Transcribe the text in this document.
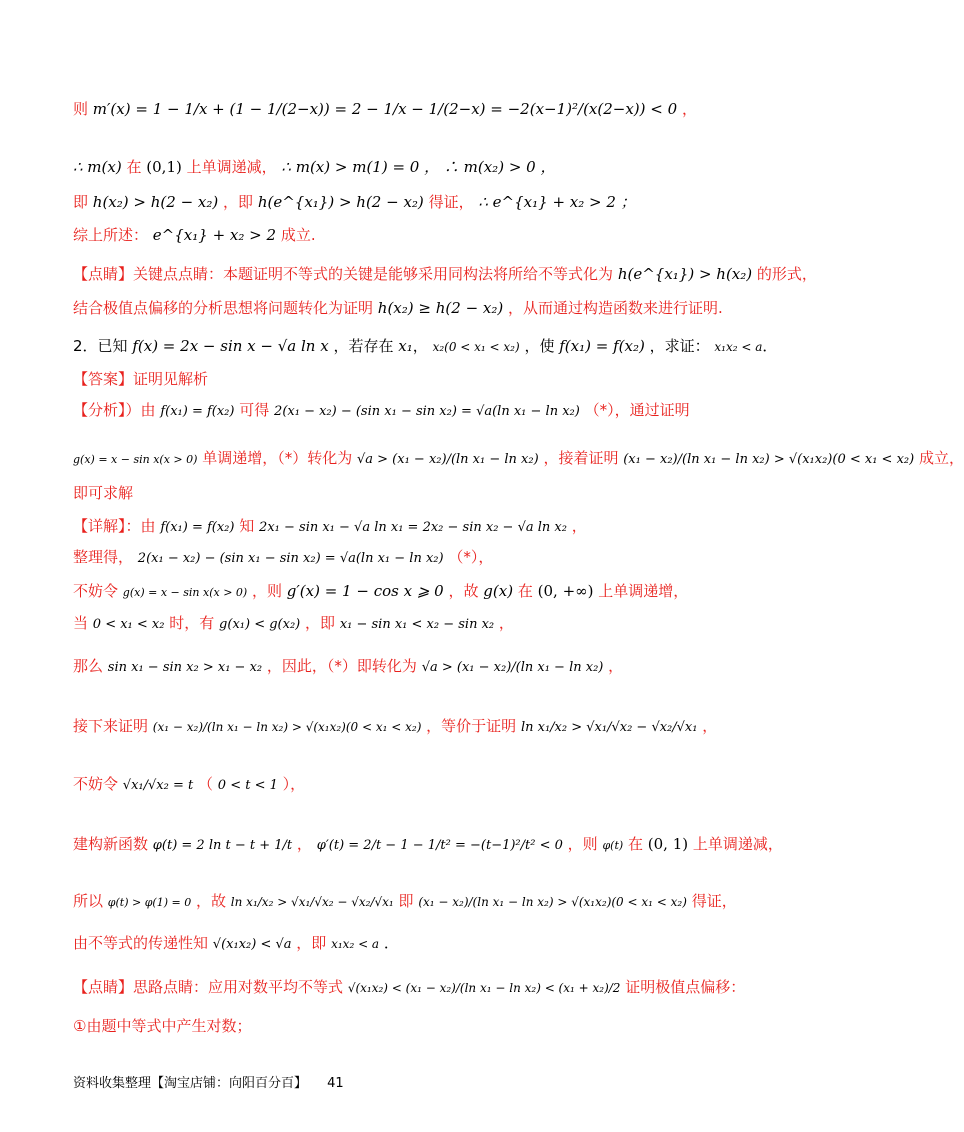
则 m′(x) = 1 − 1/x + (1 − 1/(2−x)) = 2 − 1/x − 1/(2−x) = −2(x−1)²/(x(2−x)) < 0 ，
∴ m(x) 在 (0,1) 上单调递减， ∴ m(x) > m(1) = 0 ， ∴ m(x₂) > 0 ，
即 h(x₂) > h(2 − x₂) ，即 h(e^{x₁}) > h(2 − x₂) 得证， ∴ e^{x₁} + x₂ > 2 ；
综上所述： e^{x₁} + x₂ > 2 成立.
【点睛】关键点点睛：本题证明不等式的关键是能够采用同构法将所给不等式化为 h(e^{x₁}) > h(x₂) 的形式，
结合极值点偏移的分析思想将问题转化为证明 h(x₂) ≥ h(2 − x₂) ，从而通过构造函数来进行证明.
2．已知 f(x) = 2x − sin x − √a ln x ，若存在 x₁， x₂(0 < x₁ < x₂) ，使 f(x₁) = f(x₂) ，求证： x₁x₂ < a．
【答案】证明见解析
【分析】）由 f(x₁) = f(x₂) 可得 2(x₁ − x₂) − (sin x₁ − sin x₂) = √a(ln x₁ − ln x₂) （*），通过证明
g(x) = x − sin x(x > 0) 单调递增，（*）转化为 √a > (x₁ − x₂)/(ln x₁ − ln x₂) ，接着证明 (x₁ − x₂)/(ln x₁ − ln x₂) > √(x₁x₂)(0 < x₁ < x₂) 成立，
即可求解
【详解】：由 f(x₁) = f(x₂) 知 2x₁ − sin x₁ − √a ln x₁ = 2x₂ − sin x₂ − √a ln x₂ ，
整理得， 2(x₁ − x₂) − (sin x₁ − sin x₂) = √a(ln x₁ − ln x₂) （*），
不妨令 g(x) = x − sin x(x > 0) ，则 g′(x) = 1 − cos x ⩾ 0 ，故 g(x) 在 (0, +∞) 上单调递增，
当 0 < x₁ < x₂ 时，有 g(x₁) < g(x₂) ，即 x₁ − sin x₁ < x₂ − sin x₂ ，
那么 sin x₁ − sin x₂ > x₁ − x₂ ，因此，（*）即转化为 √a > (x₁ − x₂)/(ln x₁ − ln x₂) ，
接下来证明 (x₁ − x₂)/(ln x₁ − ln x₂) > √(x₁x₂)(0 < x₁ < x₂) ，等价于证明 ln x₁/x₂ > √x₁/√x₂ − √x₂/√x₁ ，
不妨令 √x₁/√x₂ = t （ 0 < t < 1 ），
建构新函数 φ(t) = 2 ln t − t + 1/t ， φ′(t) = 2/t − 1 − 1/t² = −(t−1)²/t² < 0 ，则 φ(t) 在 (0, 1) 上单调递减，
所以 φ(t) > φ(1) = 0 ，故 ln x₁/x₂ > √x₁/√x₂ − √x₂/√x₁ 即 (x₁ − x₂)/(ln x₁ − ln x₂) > √(x₁x₂)(0 < x₁ < x₂) 得证，
由不等式的传递性知 √(x₁x₂) < √a ，即 x₁x₂ < a ．
【点睛】思路点睛：应用对数平均不等式 √(x₁x₂) < (x₁ − x₂)/(ln x₁ − ln x₂) < (x₁ + x₂)/2 证明极值点偏移：
①由题中等式中产生对数；
资料收集整理【淘宝店铺：向阳百分百】 41
